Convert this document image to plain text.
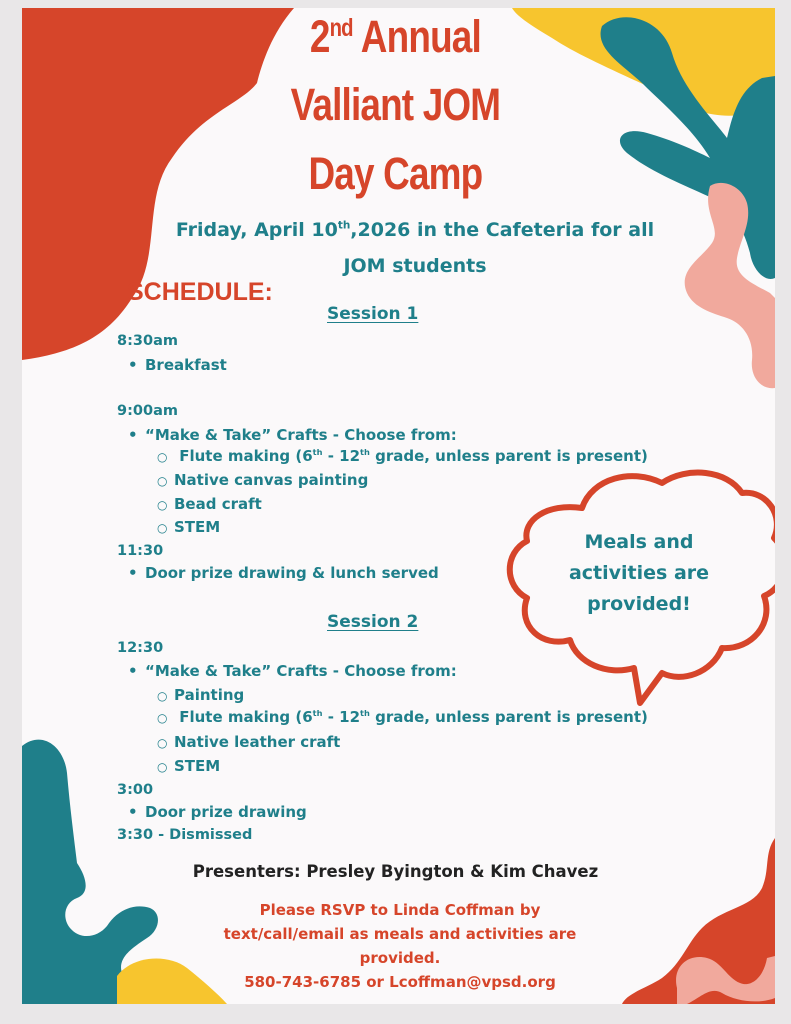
2nd Annual
Valliant JOM
Day Camp
Friday, April 10th,2026 in the Cafeteria for all
JOM students
SCHEDULE:
Session 1
8:30am
• Breakfast
9:00am
• “Make & Take” Crafts - Choose from:
○ Flute making (6th - 12th grade, unless parent is present)
○ Native canvas painting
○ Bead craft
○ STEM
11:30
• Door prize drawing & lunch served
Session 2
12:30
• “Make & Take” Crafts - Choose from:
○ Painting
○ Flute making (6th - 12th grade, unless parent is present)
○ Native leather craft
○ STEM
3:00
• Door prize drawing
3:30 - Dismissed
Meals and
activities are
provided!
Presenters: Presley Byington & Kim Chavez
Please RSVP to Linda Coffman by
text/call/email as meals and activities are
provided.
580-743-6785 or Lcoffman@vpsd.org
